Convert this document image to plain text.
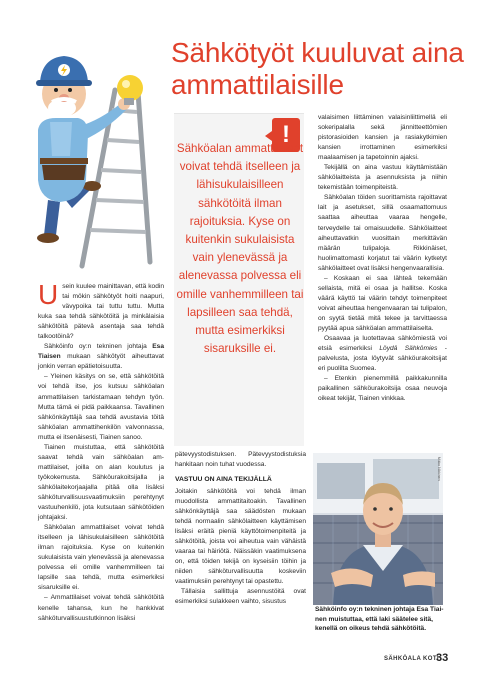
Sähkötyöt kuuluvat aina ammattilaisille

Usein kuulee mainittavan, että kodin tai mökin sähkötyöt hoiti naapuri, vävypoika tai tuttu tuttu. Mutta kuka saa tehdä sähkötöitä ja minkälaisia sähkötöitä pätevä asentaja saa tehdä talkootöinä?

Sähköinfo oy:n tekninen johtaja Esa Tiaisen mukaan sähkötyöt aiheuttavat jonkin verran epätietoisuutta.

– Yleinen käsitys on se, että sähkötöitä voi tehdä itse, jos kutsuu sähköalan ammattilaisen tarkistamaan tehdyn työn. Mutta tämä ei pidä paikkaansa. Tavallinen sähkönkäyttäjä saa tehdä avustavia töitä sähköalan ammattihenkilön valvonnassa, mutta ei itsenäisesti, Tiainen sanoo.

Tiainen muistuttaa, että sähkötöitä saavat tehdä vain sähköalan ammattilaiset, joilla on alan koulutus ja työkokemusta. Sähköurakoitsijalla ja sähkölaitekorjaajalla pitää olla lisäksi sähköturvallisuusvaatimuksiin perehtynyt vastuuhenkilö, jota kutsutaan sähkötöiden johtajaksi.

Sähköalan ammattilaiset voivat tehdä itselleen ja lähisukulaisilleen sähkötöitä ilman rajoituksia. Kyse on kuitenkin sukulaisista vain ylenevässä ja alenevassa polvessa eli omille vanhemmilleen tai lapsille saa tehdä, mutta esimerkiksi sisaruksille ei.

– Ammattilaiset voivat tehdä sähkötöitä kenelle tahansa, kun he hankkivat sähköturvallisuustutkinnon lisäksi

!

Sähköalan ammattilaiset voivat tehdä itselleen ja lähisukulaisilleen sähkötöitä ilman rajoituksia. Kyse on kuitenkin sukulaisista vain ylenevässä ja alenevassa polvessa eli omille vanhemmilleen tai lapsilleen saa tehdä, mutta esimerkiksi sisaruksille ei.

pätevyystodistuksen. Pätevyystodistuksia hankitaan noin tuhat vuodessa.

VASTUU ON AINA TEKIJÄLLÄ

Joitakin sähkötöitä voi tehdä ilman muodollista ammattitaitoakin. Tavallinen sähkönkäyttäjä saa säädösten mukaan tehdä normaalin sähkölaitteen käyttämisen lisäksi eräitä pieniä käyttötoimenpiteitä ja sähkötöitä, joista voi aiheutua vain vähäistä vaaraa tai häiriötä. Näissäkin vaatimuksena on, että töiden tekijä on kyseisiin töihin ja niiden sähköturvallisuutta koskeviin vaatimuksiin perehtynyt tai opastettu.

Tällaisia sallittuja asennustöitä ovat esimerkiksi sulakkeen vaihto, sisustus

valaisimen liittäminen valaisinliittimellä eli sokeripalalla sekä jännitteettömien pistorasioiden kansien ja rasiakytkimien kansien irrottaminen esimerkiksi maalaamisen ja tapetoinnin ajaksi.

Tekijällä on aina vastuu käyttämistään sähkölaitteista ja asennuksista ja niihin tekemistään toimenpiteistä.

Sähköalan töiden suorittamista rajoittavat lait ja asetukset, sillä osaamattomuus saattaa aiheuttaa vaaraa hengelle, terveydelle tai omaisuudelle. Sähkölaitteet aiheuttavatkin vuosittain merkittävän määrän tulipaloja. Rikkinäiset, huolimattomasti korjatut tai väärin kytketyt sähkölaitteet ovat lisäksi hengenvaarallisia.

– Koskaan ei saa lähteä tekemään sellaista, mitä ei osaa ja hallitse. Koska väärä käyttö tai väärin tehdyt toimenpiteet voivat aiheuttaa hengenvaaran tai tulipalon, on syytä tietää mitä tekee ja tarvittaessa pyytää apua sähköalan ammattilaiselta.

Osaavaa ja luotettavaa sähkömiestä voi etsiä esimerkiksi Löydä Sähkömies -palvelusta, josta löytyvät sähköurakoitsijat eri puolilta Suomea.

– Etenkin pienemmillä paikkakunnilla paikallinen sähköurakoitsija osaa neuvoja oikeat tekijät, Tiainen vinkkaa.

Mikko Nikkinen

Sähköinfo oy:n tekninen johtaja Esa Tiainen muistuttaa, että laki säätelee sitä, kenellä on oikeus tehdä sähkötöitä.

SÄHKÖALA KOTI
33
